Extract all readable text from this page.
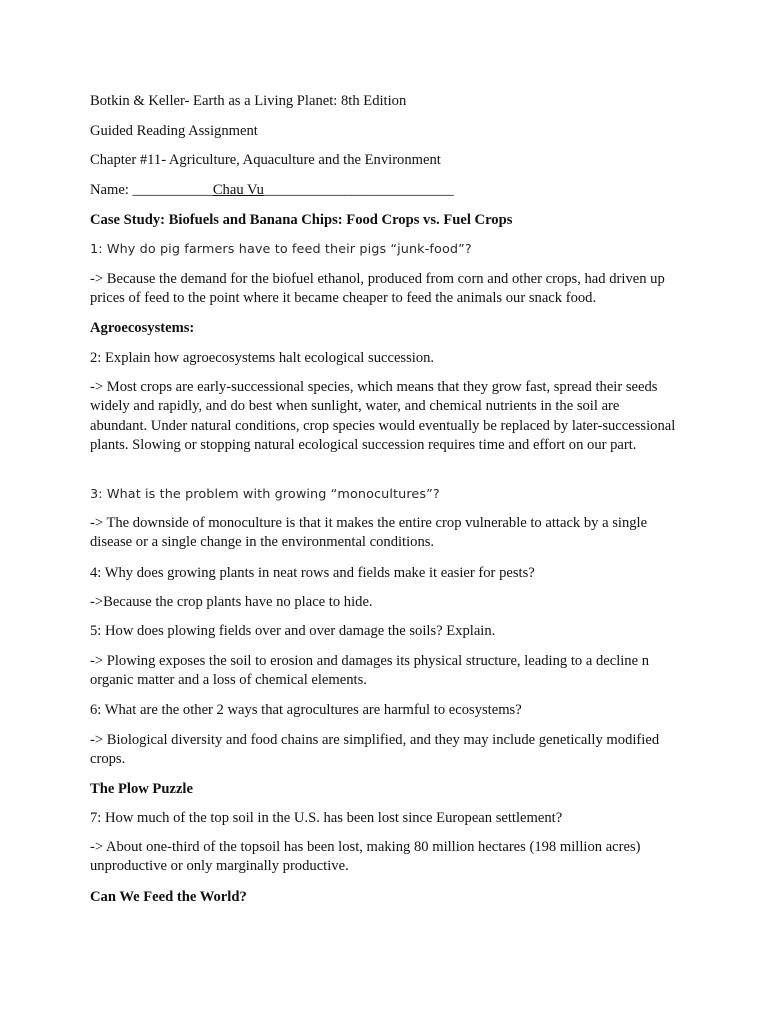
Botkin & Keller- Earth as a Living Planet: 8th Edition
Guided Reading Assignment
Chapter #11- Agriculture, Aquaculture and the Environment
Name: ___________Chau Vu__________________________
Case Study: Biofuels and Banana Chips: Food Crops vs. Fuel Crops
1: Why do pig farmers have to feed their pigs “junk-food”?

-> Because the demand for the biofuel ethanol, produced from corn and other crops, had driven up prices of feed to the point where it became cheaper to feed the animals our snack food.

Agroecosystems:
2: Explain how agroecosystems halt ecological succession.

-> Most crops are early-successional species, which means that they grow fast, spread their seeds widely and rapidly, and do best when sunlight, water, and chemical nutrients in the soil are abundant. Under natural conditions, crop species would eventually be replaced by later-successional plants. Slowing or stopping natural ecological succession requires time and effort on our part.

3: What is the problem with growing “monocultures”?

-> The downside of monoculture is that it makes the entire crop vulnerable to attack by a single disease or a single change in the environmental conditions.

4: Why does growing plants in neat rows and fields make it easier for pests?
->Because the crop plants have no place to hide.
5: How does plowing fields over and over damage the soils? Explain.

-> Plowing exposes the soil to erosion and damages its physical structure, leading to a decline n organic matter and a loss of chemical elements.

6: What are the other 2 ways that agrocultures are harmful to ecosystems?

-> Biological diversity and food chains are simplified, and they may include genetically modified crops.

The Plow Puzzle
7: How much of the top soil in the U.S. has been lost since European settlement?

-> About one-third of the topsoil has been lost, making 80 million hectares (198 million acres) unproductive or only marginally productive.

Can We Feed the World?
